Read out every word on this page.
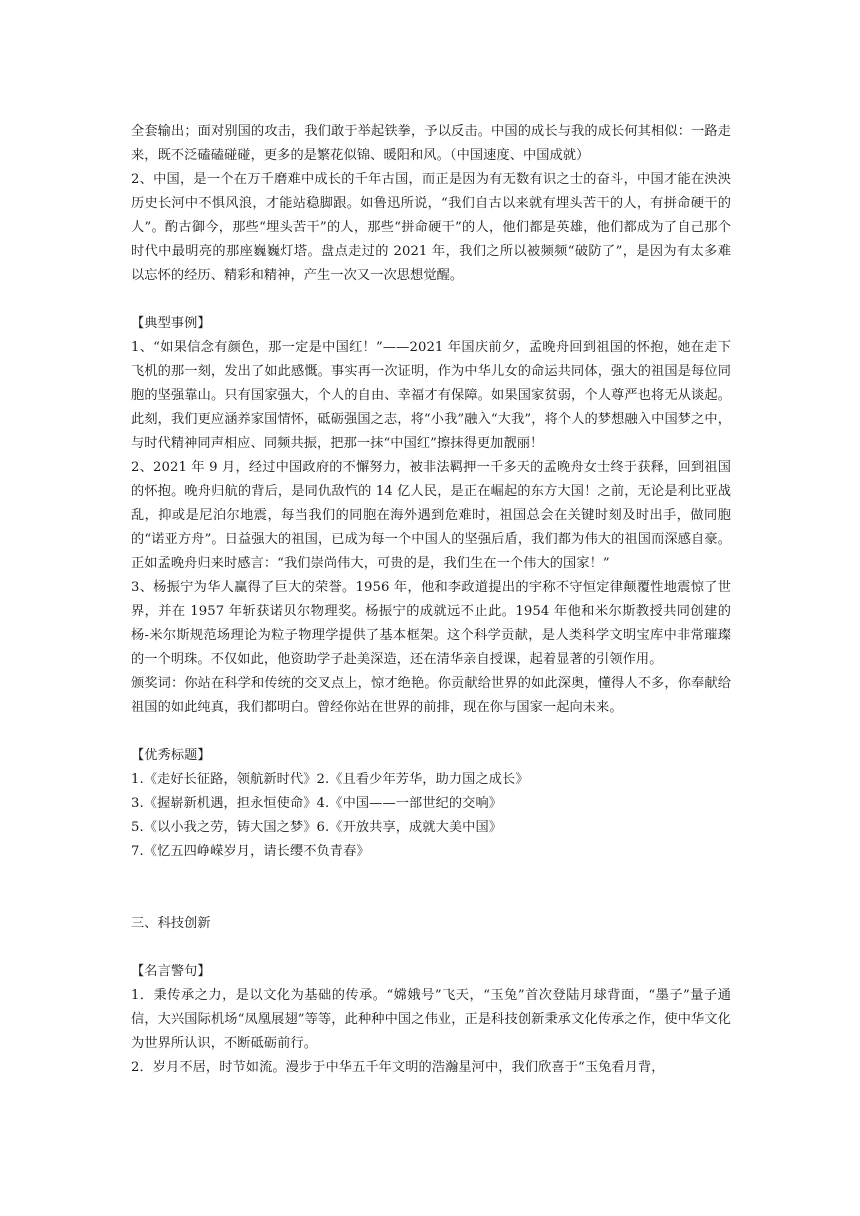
全套输出；面对别国的攻击，我们敢于举起铁拳，予以反击。中国的成长与我的成长何其相似：一路走来，既不泛磕磕碰碰，更多的是繁花似锦、暖阳和风。（中国速度、中国成就）

2、中国，是一个在万千磨难中成长的千年古国，而正是因为有无数有识之士的奋斗，中国才能在泱泱历史长河中不惧风浪，才能站稳脚跟。如鲁迅所说，“我们自古以来就有埋头苦干的人，有拼命硬干的人”。酌古御今，那些“埋头苦干”的人，那些“拼命硬干”的人，他们都是英雄，他们都成为了自己那个时代中最明亮的那座巍巍灯塔。盘点走过的 2021 年，我们之所以被频频“破防了”，是因为有太多难以忘怀的经历、精彩和精神，产生一次又一次思想觉醒。

【典型事例】

1、“如果信念有颜色，那一定是中国红！”——2021 年国庆前夕，孟晚舟回到祖国的怀抱，她在走下飞机的那一刻，发出了如此感慨。事实再一次证明，作为中华儿女的命运共同体，强大的祖国是每位同胞的坚强靠山。只有国家强大，个人的自由、幸福才有保障。如果国家贫弱，个人尊严也将无从谈起。此刻，我们更应涵养家国情怀，砥砺强国之志，将“小我”融入“大我”，将个人的梦想融入中国梦之中，与时代精神同声相应、同频共振，把那一抹“中国红”擦抹得更加靓丽！

2、2021 年 9 月，经过中国政府的不懈努力，被非法羁押一千多天的孟晚舟女士终于获释，回到祖国的怀抱。晚舟归航的背后，是同仇敌忾的 14 亿人民，是正在崛起的东方大国！之前，无论是利比亚战乱，抑或是尼泊尔地震，每当我们的同胞在海外遇到危难时，祖国总会在关键时刻及时出手，做同胞的“诺亚方舟”。日益强大的祖国，已成为每一个中国人的坚强后盾，我们都为伟大的祖国而深感自豪。正如孟晚舟归来时感言：“我们崇尚伟大，可贵的是，我们生在一个伟大的国家！”

3、杨振宁为华人赢得了巨大的荣誉。1956 年，他和李政道提出的宇称不守恒定律颠覆性地震惊了世界，并在 1957 年斩获诺贝尔物理奖。杨振宁的成就远不止此。1954 年他和米尔斯教授共同创建的杨-米尔斯规范场理论为粒子物理学提供了基本框架。这个科学贡献，是人类科学文明宝库中非常璀璨的一个明珠。不仅如此，他资助学子赴美深造，还在清华亲自授课，起着显著的引领作用。

颁奖词：你站在科学和传统的交叉点上，惊才绝艳。你贡献给世界的如此深奥，懂得人不多，你奉献给祖国的如此纯真，我们都明白。曾经你站在世界的前排，现在你与国家一起向未来。

【优秀标题】

1.《走好长征路，领航新时代》2.《且看少年芳华，助力国之成长》
3.《握崭新机遇，担永恒使命》4.《中国——一部世纪的交响》
5.《以小我之劳，铸大国之梦》6.《开放共享，成就大美中国》
7.《忆五四峥嵘岁月，请长缨不负青春》

三、科技创新

【名言警句】

1．秉传承之力，是以文化为基础的传承。“嫦娥号”飞天，“玉兔”首次登陆月球背面，“墨子”量子通信，大兴国际机场“凤凰展翅”等等，此种种中国之伟业，正是科技创新秉承文化传承之作，使中华文化为世界所认识，不断砥砺前行。

2．岁月不居，时节如流。漫步于中华五千年文明的浩瀚星河中，我们欣喜于“玉兔看月背，
